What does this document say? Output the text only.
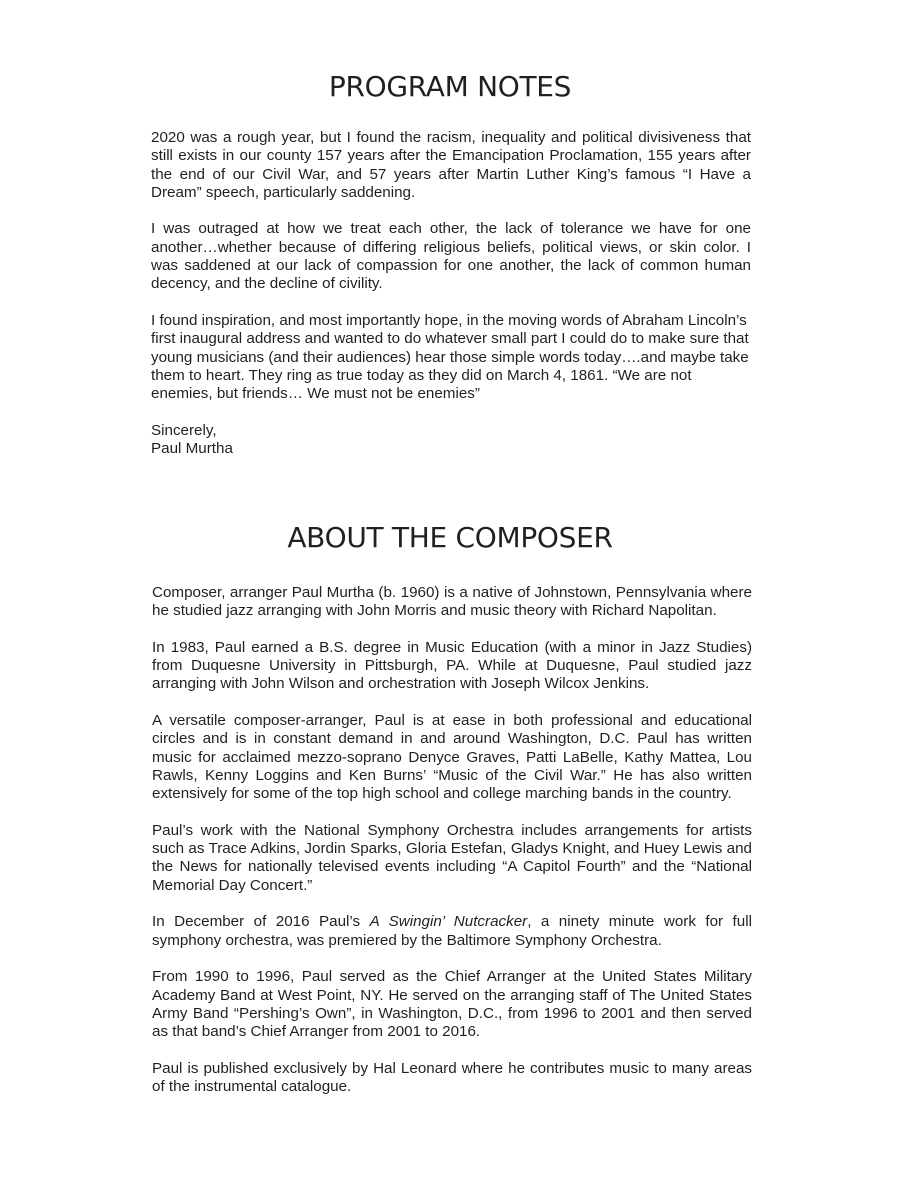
PROGRAM NOTES

2020 was a rough year, but I found the racism, inequality and political divisiveness that still exists in our county 157 years after the Emancipation Proclamation, 155 years after the end of our Civil War, and 57 years after Martin Luther King’s famous “I Have a Dream” speech, particularly saddening.

I was outraged at how we treat each other, the lack of tolerance we have for one another…whether because of differing religious beliefs, political views, or skin color. I was saddened at our lack of compassion for one another, the lack of common human decency, and the decline of civility.

I found inspiration, and most importantly hope, in the moving words of Abraham Lincoln’s first inaugural address and wanted to do whatever small part I could do to make sure that young musicians (and their audiences) hear those simple words today….and maybe take them to heart. They ring as true today as they did on March 4, 1861. “We are not enemies, but friends… We must not be enemies”

Sincerely,

Paul Murtha

ABOUT THE COMPOSER

Composer, arranger Paul Murtha (b. 1960) is a native of Johnstown, Pennsylvania where he studied jazz arranging with John Morris and music theory with Richard Napolitan.

In 1983, Paul earned a B.S. degree in Music Education (with a minor in Jazz Studies) from Duquesne University in Pittsburgh, PA. While at Duquesne, Paul studied jazz arranging with John Wilson and orchestration with Joseph Wilcox Jenkins.

A versatile composer-arranger, Paul is at ease in both professional and educational circles and is in constant demand in and around Washington, D.C. Paul has written music for acclaimed mezzo-soprano Denyce Graves, Patti LaBelle, Kathy Mattea, Lou Rawls, Kenny Loggins and Ken Burns’ “Music of the Civil War.” He has also written extensively for some of the top high school and college marching bands in the country.

Paul’s work with the National Symphony Orchestra includes arrangements for artists such as Trace Adkins, Jordin Sparks, Gloria Estefan, Gladys Knight, and Huey Lewis and the News for nationally televised events including “A Capitol Fourth” and the “National Memorial Day Concert.”

In December of 2016 Paul’s A Swingin’ Nutcracker, a ninety minute work for full symphony orchestra, was premiered by the Baltimore Symphony Orchestra.

From 1990 to 1996, Paul served as the Chief Arranger at the United States Military Academy Band at West Point, NY. He served on the arranging staff of The United States Army Band “Pershing’s Own”, in Washington, D.C., from 1996 to 2001 and then served as that band’s Chief Arranger from 2001 to 2016.

Paul is published exclusively by Hal Leonard where he contributes music to many areas of the instrumental catalogue.
